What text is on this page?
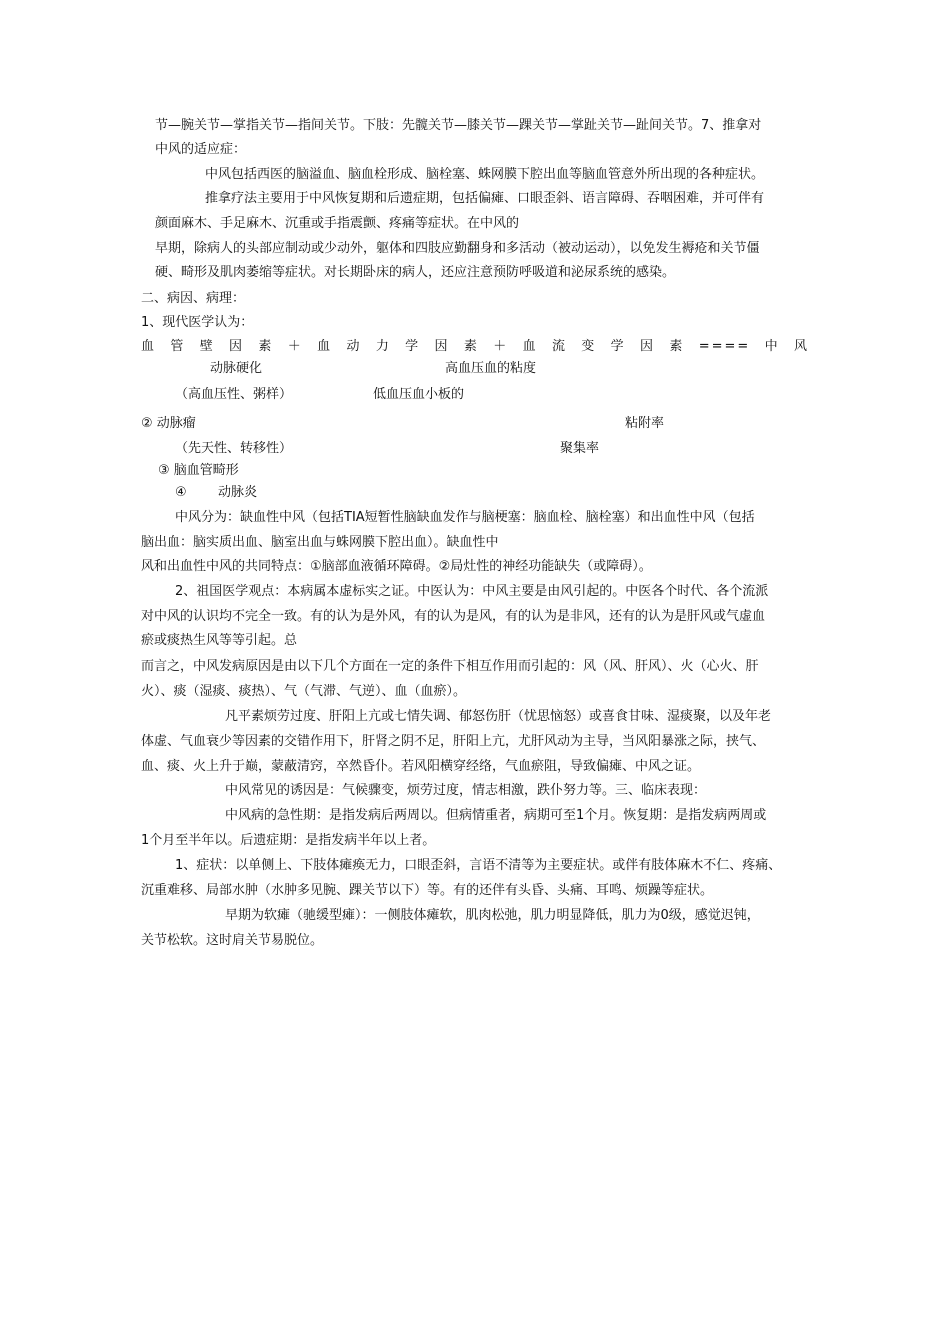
节—腕关节—掌指关节—指间关节。下肢：先髋关节—膝关节—踝关节—掌趾关节—趾间关节。7、推拿对
中风的适应症：
中风包括西医的脑溢血、脑血栓形成、脑栓塞、蛛网膜下腔出血等脑血管意外所出现的各种症状。
推拿疗法主要用于中风恢复期和后遗症期，包括偏瘫、口眼歪斜、语言障碍、吞咽困难，并可伴有
颜面麻木、手足麻木、沉重或手指震颤、疼痛等症状。在中风的
早期，除病人的头部应制动或少动外，躯体和四肢应勤翻身和多活动（被动运动），以免发生褥疮和关节僵
硬、畸形及肌肉萎缩等症状。对长期卧床的病人，还应注意预防呼吸道和泌尿系统的感染。
二、病因、病理：
1、现代医学认为：
血管壁因素＋血动力学因素＋血流变学因素====中风
动脉硬化	高血压血的粘度
（高血压性、粥样）	低血压血小板的
② 动脉瘤	粘附率
（先天性、转移性）	聚集率
③ 脑血管畸形
④ 动脉炎
中风分为：缺血性中风（包括TIA短暂性脑缺血发作与脑梗塞：脑血栓、脑栓塞）和出血性中风（包括
脑出血：脑实质出血、脑室出血与蛛网膜下腔出血）。缺血性中
风和出血性中风的共同特点：①脑部血液循环障碍。②局灶性的神经功能缺失（或障碍）。
2、祖国医学观点：本病属本虚标实之证。中医认为：中风主要是由风引起的。中医各个时代、各个流派
对中风的认识均不完全一致。有的认为是外风，有的认为是风，有的认为是非风，还有的认为是肝风或气虚血
瘀或痰热生风等等引起。总
而言之，中风发病原因是由以下几个方面在一定的条件下相互作用而引起的：风（风、肝风）、火（心火、肝
火）、痰（湿痰、痰热）、气（气滞、气逆）、血（血瘀）。
凡平素烦劳过度、肝阳上亢或七情失调、郁怒伤肝（忧思恼怒）或喜食甘味、湿痰聚，以及年老
体虚、气血衰少等因素的交错作用下，肝肾之阴不足，肝阳上亢，尤肝风动为主导，当风阳暴涨之际，挟气、
血、痰、火上升于巅，蒙蔽清窍，卒然昏仆。若风阳横穿经络，气血瘀阻，导致偏瘫、中风之证。
中风常见的诱因是：气候骤变，烦劳过度，情志相激，跌仆努力等。三、临床表现：
中风病的急性期：是指发病后两周以。但病情重者，病期可至1个月。恢复期：是指发病两周或
1个月至半年以。后遗症期：是指发病半年以上者。
1、症状：以单侧上、下肢体瘫痪无力，口眼歪斜，言语不清等为主要症状。或伴有肢体麻木不仁、疼痛、
沉重难移、局部水肿（水肿多见腕、踝关节以下）等。有的还伴有头昏、头痛、耳鸣、烦躁等症状。
早期为软瘫（驰缓型瘫）：一侧肢体瘫软，肌肉松弛，肌力明显降低，肌力为0级，感觉迟钝，
关节松软。这时肩关节易脱位。
